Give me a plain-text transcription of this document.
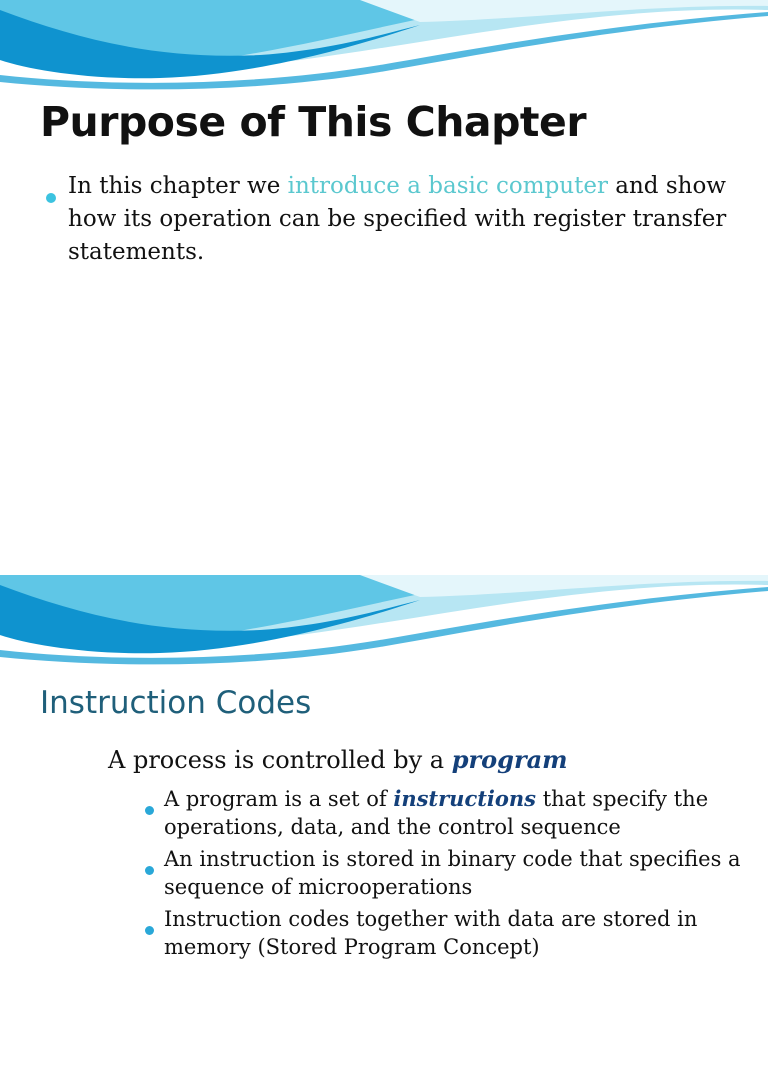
Purpose of This Chapter
In this chapter we introduce a basic computer and show how its operation can be specified with register transfer statements.
Instruction Codes

A process is controlled by a program

A program is a set of instructions that specify the operations, data, and the control sequence
An instruction is stored in binary code that specifies a sequence of microoperations
Instruction codes together with data are stored in memory (Stored Program Concept)
